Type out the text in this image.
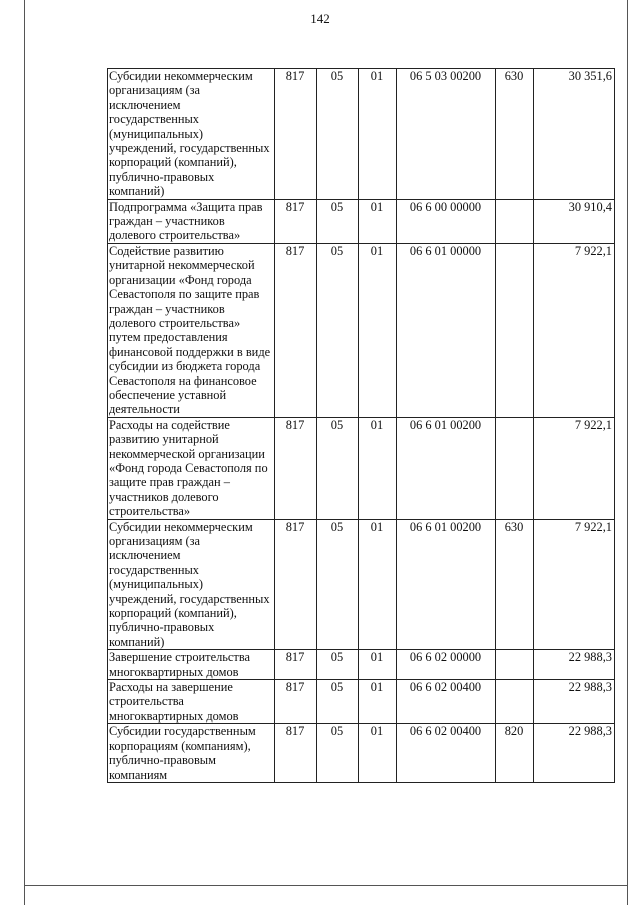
142
Субсидии некоммерческим организациям (за исключением государственных (муниципальных) учреждений, государственных корпораций (компаний), публично-правовых компаний)	817	05	01	06 5 03 00200	630	30 351,6
Подпрограмма «Защита прав граждан – участников долевого строительства»	817	05	01	06 6 00 00000		30 910,4
Содействие развитию унитарной некоммерческой организации «Фонд города Севастополя по защите прав граждан – участников долевого строительства» путем предоставления финансовой поддержки в виде субсидии из бюджета города Севастополя на финансовое обеспечение уставной деятельности	817	05	01	06 6 01 00000		7 922,1
Расходы на содействие развитию унитарной некоммерческой организации «Фонд города Севастополя по защите прав граждан – участников долевого строительства»	817	05	01	06 6 01 00200		7 922,1
Субсидии некоммерческим организациям (за исключением государственных (муниципальных) учреждений, государственных корпораций (компаний), публично-правовых компаний)	817	05	01	06 6 01 00200	630	7 922,1
Завершение строительства многоквартирных домов	817	05	01	06 6 02 00000		22 988,3
Расходы на завершение строительства многоквартирных домов	817	05	01	06 6 02 00400		22 988,3
Субсидии государственным корпорациям (компаниям), публично-правовым компаниям	817	05	01	06 6 02 00400	820	22 988,3
